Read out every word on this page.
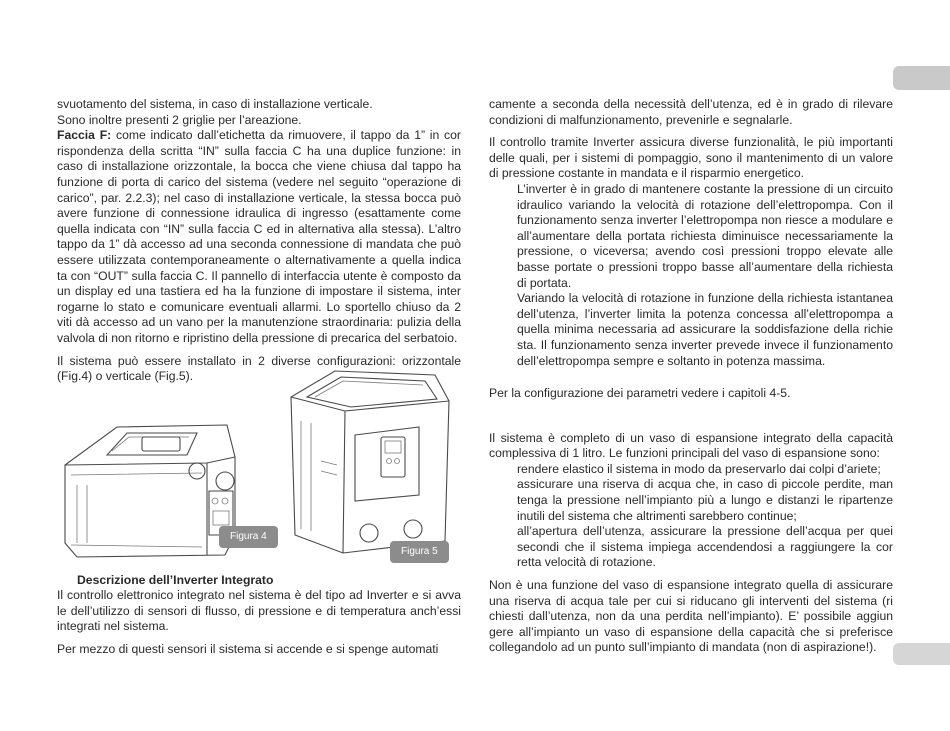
svuotamento del sistema, in caso di installazione verticale.

Sono inoltre presenti 2 griglie per l’areazione.

Faccia F: come indicato dall’etichetta da rimuovere, il tappo da 1” in cor rispondenza della scritta “IN” sulla faccia C ha una duplice funzione: in caso di installazione orizzontale, la bocca che viene chiusa dal tappo ha funzione di porta di carico del sistema (vedere nel seguito “operazione di carico”, par. 2.2.3); nel caso di installazione verticale, la stessa bocca può avere funzione di connessione idraulica di ingresso (esattamente come quella indicata con “IN” sulla faccia C ed in alternativa alla stessa). L’altro tappo da 1” dà accesso ad una seconda connessione di mandata che può essere utilizzata contemporaneamente o alternativamente a quella indica ta con “OUT” sulla faccia C. Il pannello di interfaccia utente è composto da un display ed una tastiera ed ha la funzione di impostare il sistema, inter rogarne lo stato e comunicare eventuali allarmi. Lo sportello chiuso da 2 viti dà accesso ad un vano per la manutenzione straordinaria: pulizia della valvola di non ritorno e ripristino della pressione di precarica del serbatoio.

Il sistema può essere installato in 2 diverse configurazioni: orizzontale (Fig.4) o verticale (Fig.5).

Figura 4
Figura 5

Descrizione dell’Inverter Integrato

Il controllo elettronico integrato nel sistema è del tipo ad Inverter e si avva le dell’utilizzo di sensori di flusso, di pressione e di temperatura anch’essi integrati nel sistema.

Per mezzo di questi sensori il sistema si accende e si spenge automati

camente a seconda della necessità dell’utenza, ed è in grado di rilevare condizioni di malfunzionamento, prevenirle e segnalarle.

Il controllo tramite Inverter assicura diverse funzionalità, le più importanti delle quali, per i sistemi di pompaggio, sono il mantenimento di un valore di pressione costante in mandata e il risparmio energetico.

L’inverter è in grado di mantenere costante la pressione di un circuito idraulico variando la velocità di rotazione dell’elettropompa. Con il funzionamento senza inverter l’elettropompa non riesce a modulare e all’aumentare della portata richiesta diminuisce necessariamente la pressione, o viceversa; avendo così pressioni troppo elevate alle basse portate o pressioni troppo basse all’aumentare della richiesta di portata.

Variando la velocità di rotazione in funzione della richiesta istantanea dell’utenza, l’inverter limita la potenza concessa all’elettropompa a quella minima necessaria ad assicurare la soddisfazione della richie sta. Il funzionamento senza inverter prevede invece il funzionamento dell’elettropompa sempre e soltanto in potenza massima.

Per la configurazione dei parametri vedere i capitoli 4-5.

Il sistema è completo di un vaso di espansione integrato della capacità complessiva di 1 litro. Le funzioni principali del vaso di espansione sono:

rendere elastico il sistema in modo da preservarlo dai colpi d’ariete;

assicurare una riserva di acqua che, in caso di piccole perdite, man tenga la pressione nell’impianto più a lungo e distanzi le ripartenze inutili del sistema che altrimenti sarebbero continue;

all’apertura dell’utenza, assicurare la pressione dell’acqua per quei secondi che il sistema impiega accendendosi a raggiungere la cor retta velocità di rotazione.

Non è una funzione del vaso di espansione integrato quella di assicurare una riserva di acqua tale per cui si riducano gli interventi del sistema (ri chiesti dall’utenza, non da una perdita nell’impianto). E’ possibile aggiun gere all’impianto un vaso di espansione della capacità che si preferisce collegandolo ad un punto sull’impianto di mandata (non di aspirazione!).
